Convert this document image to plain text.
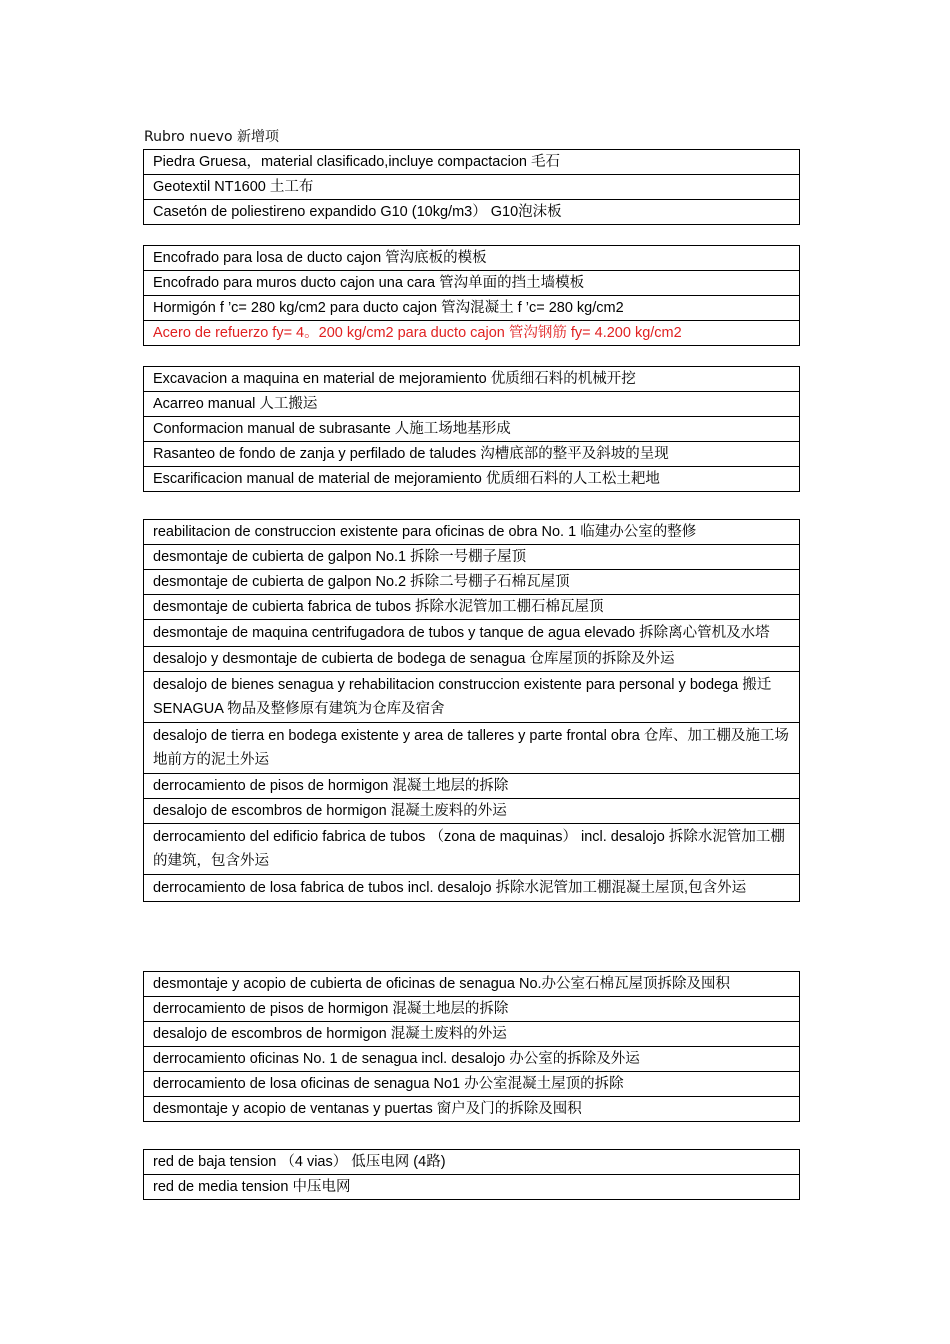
Rubro nuevo 新增项
Piedra Gruesa，material clasificado,incluye compactacion 毛石
Geotextil NT1600 土工布
Casetón de poliestireno expandido G10 (10kg/m3） G10泡沫板
Encofrado para losa de ducto cajon 管沟底板的模板
Encofrado para muros ducto cajon una cara 管沟单面的挡土墙模板
Hormigón f ’c= 280 kg/cm2 para ducto cajon 管沟混凝土 f ’c= 280 kg/cm2
Acero de refuerzo fy= 4。200 kg/cm2 para ducto cajon 管沟钢筋 fy= 4.200 kg/cm2
Excavacion a maquina en material de mejoramiento 优质细石料的机械开挖
Acarreo manual 人工搬运
Conformacion manual de subrasante 人施工场地基形成
Rasanteo de fondo de zanja y perfilado de taludes 沟槽底部的整平及斜坡的呈现
Escarificacion manual de material de mejoramiento 优质细石料的人工松土耙地
reabilitacion de construccion existente para oficinas de obra No. 1 临建办公室的整修
desmontaje de cubierta de galpon No.1 拆除一号棚子屋顶
desmontaje de cubierta de galpon No.2 拆除二号棚子石棉瓦屋顶
desmontaje de cubierta fabrica de tubos 拆除水泥管加工棚石棉瓦屋顶
desmontaje de maquina centrifugadora de tubos y tanque de agua elevado 拆除离心管机及水塔
desalojo y desmontaje de cubierta de bodega de senagua 仓库屋顶的拆除及外运
desalojo de bienes senagua y rehabilitacion construccion existente para personal y bodega 搬迁 SENAGUA 物品及整修原有建筑为仓库及宿舍
desalojo de tierra en bodega existente y area de talleres y parte frontal obra 仓库、加工棚及施工场地前方的泥土外运
derrocamiento de pisos de hormigon 混凝土地层的拆除
desalojo de escombros de hormigon 混凝土废料的外运
derrocamiento del edificio fabrica de tubos （zona de maquinas） incl. desalojo 拆除水泥管加工棚的建筑，包含外运
derrocamiento de losa fabrica de tubos incl. desalojo 拆除水泥管加工棚混凝土屋顶,包含外运
desmontaje y acopio de cubierta de oficinas de senagua No.办公室石棉瓦屋顶拆除及囤积
derrocamiento de pisos de hormigon 混凝土地层的拆除
desalojo de escombros de hormigon 混凝土废料的外运
derrocamiento oficinas No. 1 de senagua incl. desalojo 办公室的拆除及外运
derrocamiento de losa oficinas de senagua No1 办公室混凝土屋顶的拆除
desmontaje y acopio de ventanas y puertas 窗户及门的拆除及囤积
red de baja tension （4 vias） 低压电网 (4路)
red de media tension 中压电网
